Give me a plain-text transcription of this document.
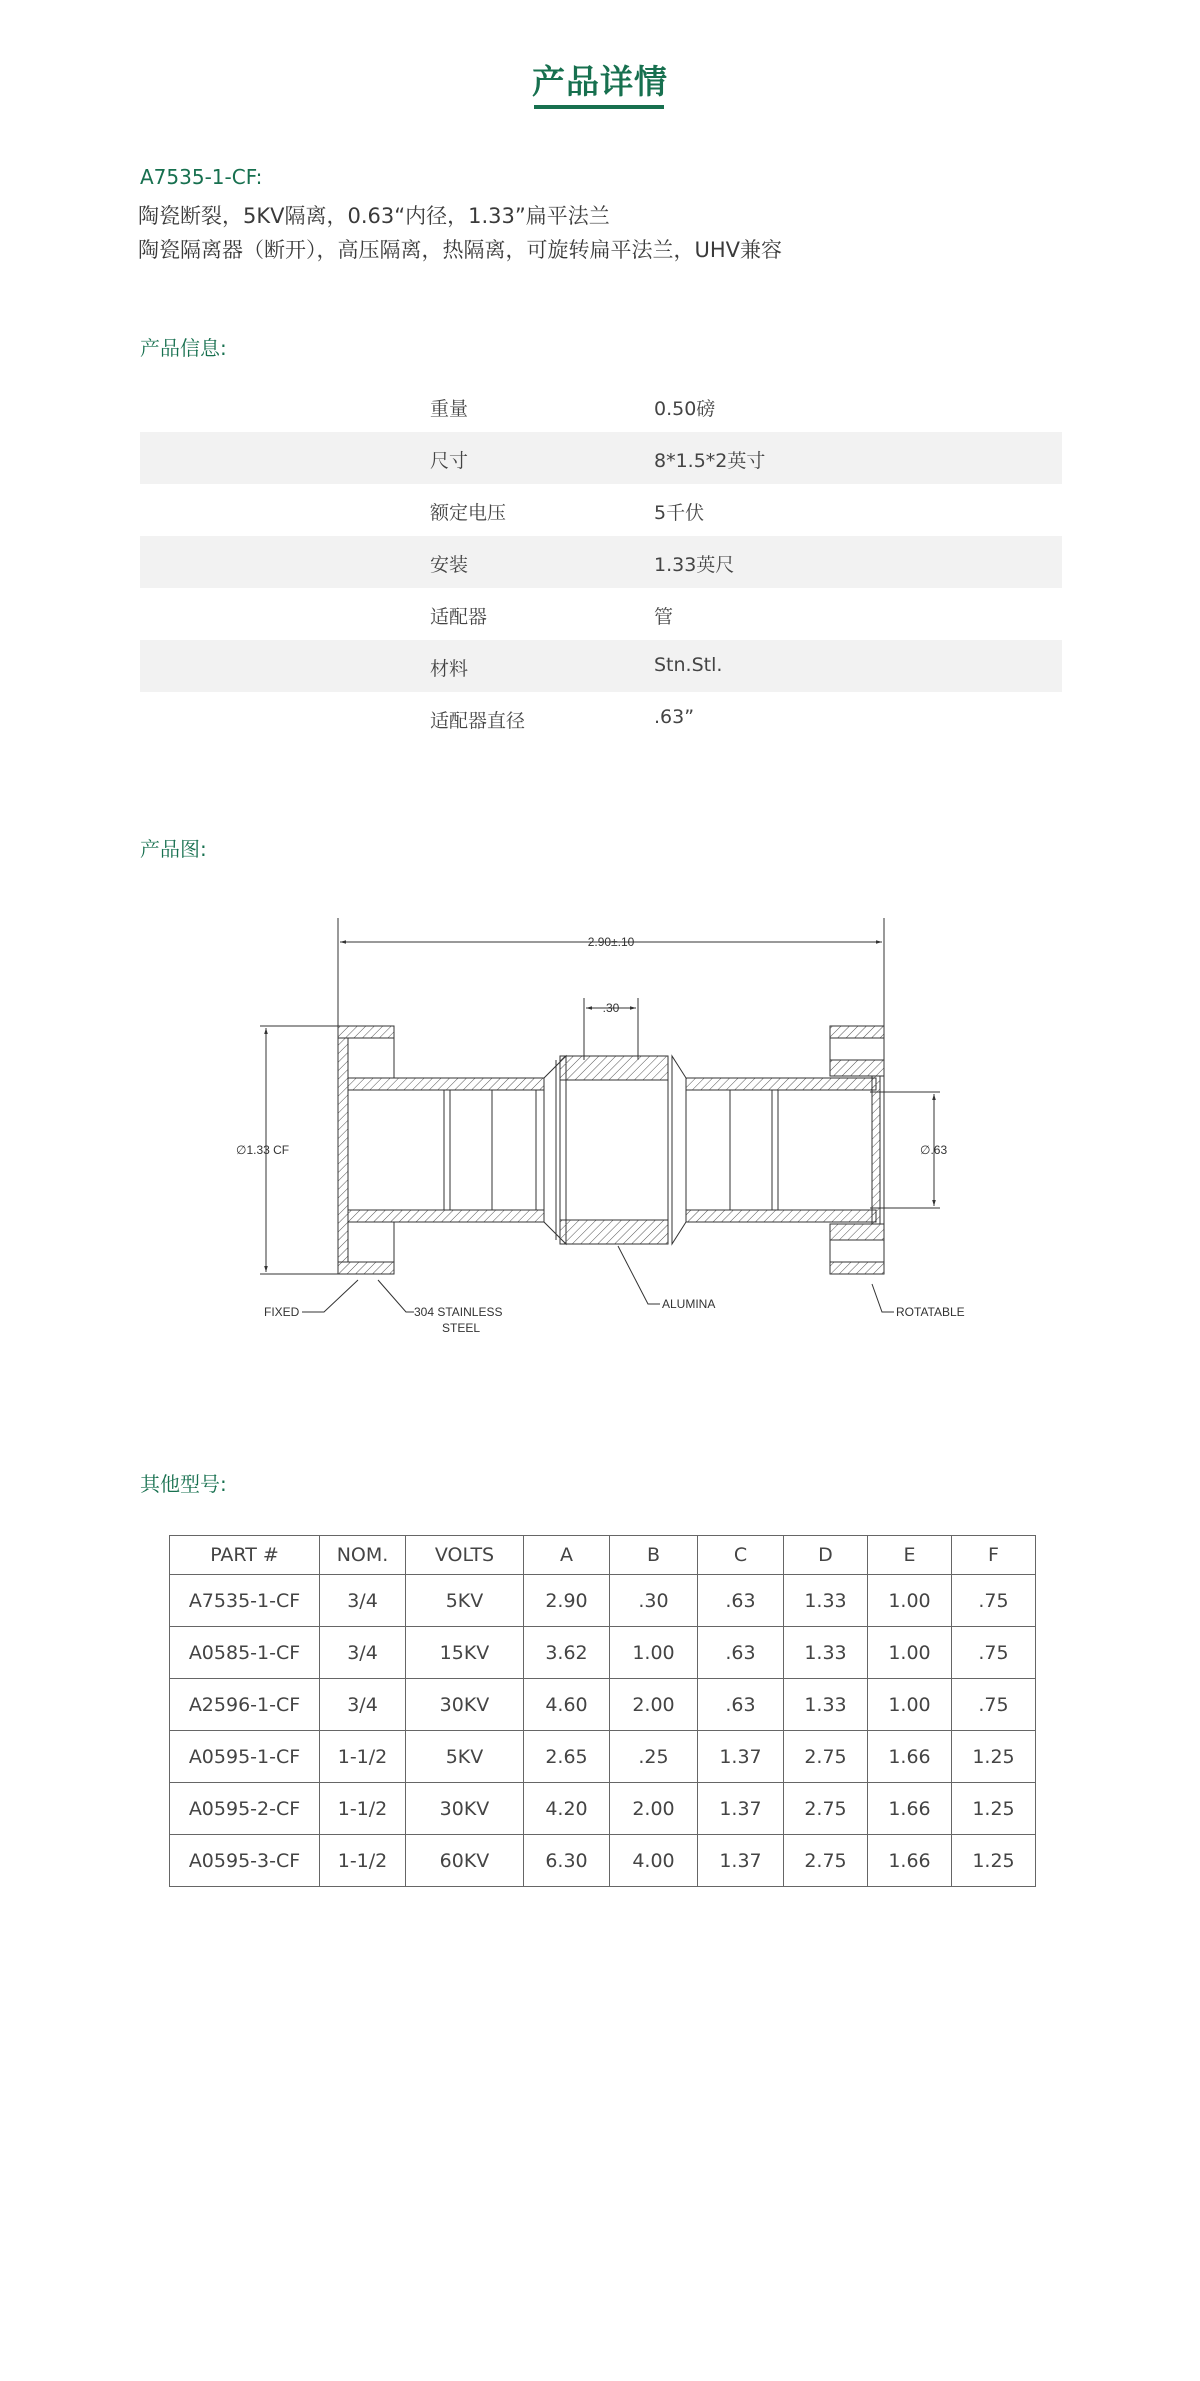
产品详情
A7535-1-CF:
陶瓷断裂，5KV隔离，0.63“内径，1.33”扁平法兰
陶瓷隔离器（断开），高压隔离，热隔离，可旋转扁平法兰，UHV兼容
产品信息:
重量	0.50磅
尺寸	8*1.5*2英寸
额定电压	5千伏
安装	1.33英尺
适配器	管
材料	Stn.Stl.
适配器直径	.63”
产品图:
2.90±.10
.30
∅1.33 CF	∅.63
FIXED	304 STAINLESS
STEEL
ALUMINA
ROTATABLE
其他型号:
PART #	NOM.	VOLTS	A	B	C	D	E	F
A7535-1-CF	3/4	5KV	2.90	.30	.63	1.33	1.00	.75
A0585-1-CF	3/4	15KV	3.62	1.00	.63	1.33	1.00	.75
A2596-1-CF	3/4	30KV	4.60	2.00	.63	1.33	1.00	.75
A0595-1-CF	1-1/2	5KV	2.65	.25	1.37	2.75	1.66	1.25
A0595-2-CF	1-1/2	30KV	4.20	2.00	1.37	2.75	1.66	1.25
A0595-3-CF	1-1/2	60KV	6.30	4.00	1.37	2.75	1.66	1.25
